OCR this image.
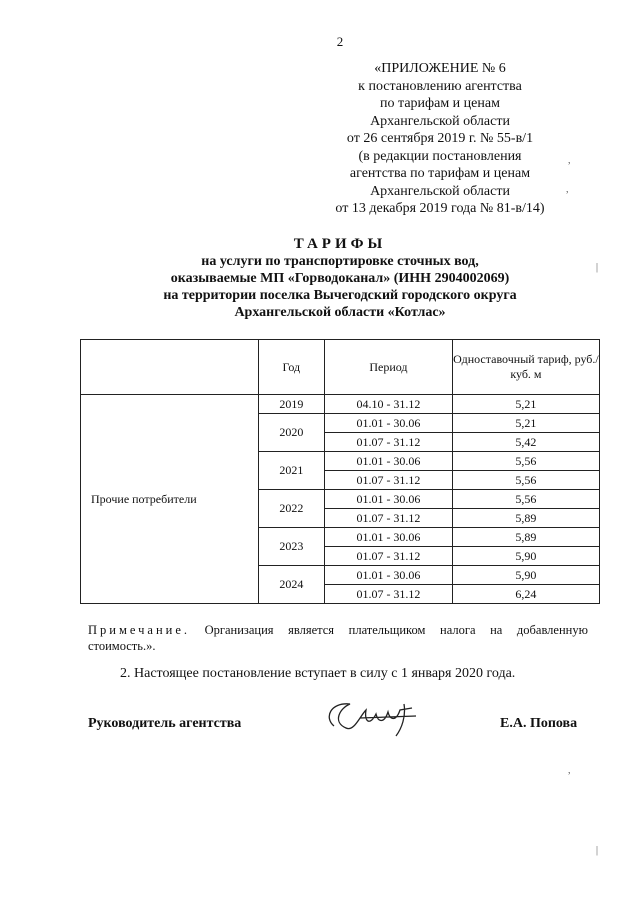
2
«ПРИЛОЖЕНИЕ № 6
к постановлению агентства
по тарифам и ценам
Архангельской области
от 26 сентября 2019 г. № 55-в/1
(в редакции постановления
агентства по тарифам и ценам
Архангельской области
от 13 декабря 2019 года № 81-в/14)
ТАРИФЫ
на услуги по транспортировке сточных вод,
оказываемые МП «Горводоканал» (ИНН 2904002069)
на территории поселка Вычегодский городского округа
Архангельской области «Котлас»
	Год	Период	Одноставочный тариф, руб./куб. м
Прочие потребители	2019	04.10 - 31.12	5,21
	2020	01.01 - 30.06	5,21
		01.07 - 31.12	5,42
	2021	01.01 - 30.06	5,56
		01.07 - 31.12	5,56
	2022	01.01 - 30.06	5,56
		01.07 - 31.12	5,89
	2023	01.01 - 30.06	5,89
		01.07 - 31.12	5,90
	2024	01.01 - 30.06	5,90
		01.07 - 31.12	6,24
Примечание. Организация является плательщиком налога на добавленную
стоимость.».
2. Настоящее постановление вступает в силу с 1 января 2020 года.
Руководитель агентства	Е.А. Попова
,
,
|
,
|
